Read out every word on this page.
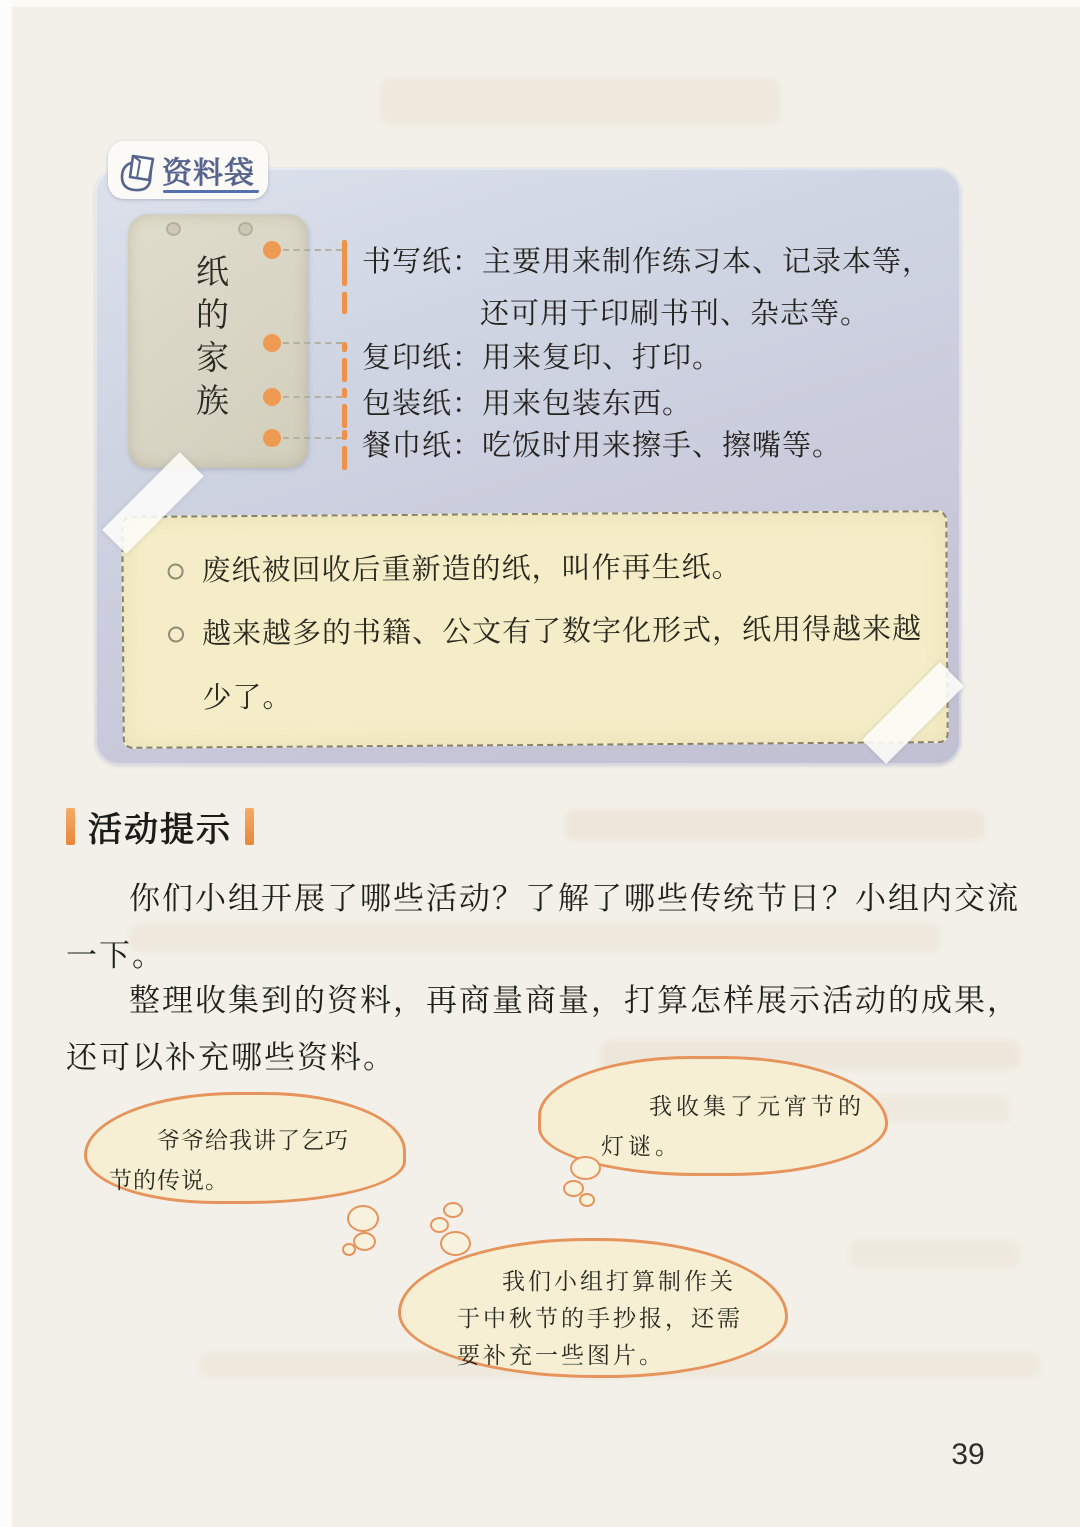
资料袋
纸的家族	书写纸：主要用来制作练习本、记录本等，
还可用于印刷书刊、杂志等。
复印纸：用来复印、打印。
包装纸：用来包装东西。
餐巾纸：吃饭时用来擦手、擦嘴等。
废纸被回收后重新造的纸，叫作再生纸。
越来越多的书籍、公文有了数字化形式，纸用得越来越
少了。
活动提示
你们小组开展了哪些活动？了解了哪些传统节日？小组内交流
一下。
整理收集到的资料，再商量商量，打算怎样展示活动的成果，
还可以补充哪些资料。
爷爷给我讲了乞巧
节的传说。
我收集了元宵节的
灯谜。
我们小组打算制作关
于中秋节的手抄报，还需
要补充一些图片。
39
